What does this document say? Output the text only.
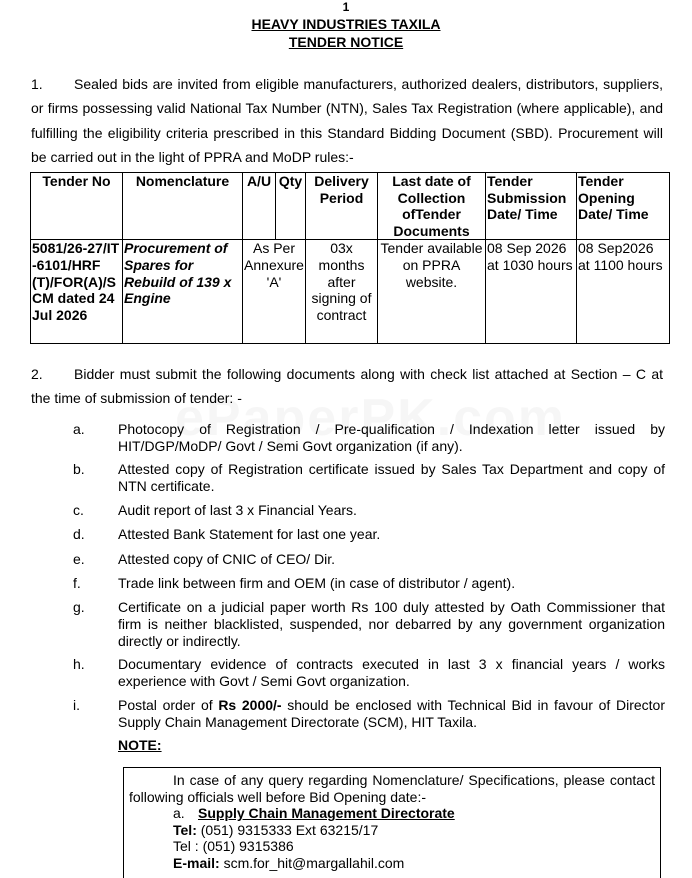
1
HEAVY INDUSTRIES TAXILA
TENDER NOTICE
1. Sealed bids are invited from eligible manufacturers, authorized dealers, distributors, suppliers, or firms possessing valid National Tax Number (NTN), Sales Tax Registration (where applicable), and fulfilling the eligibility criteria prescribed in this Standard Bidding Document (SBD). Procurement will be carried out in the light of PPRA and MoDP rules:-
Tender No	Nomenclature	A/U	Qty	Delivery Period	Last date of Collection ofTender Documents	Tender Submission Date/ Time	Tender Opening Date/ Time
5081/26-27/IT-6101/HRF(T)/FOR(A)/SCM dated 24 Jul 2026	Procurement of Spares for Rebuild of 139 x Engine	As Per Annexure 'A'		03x months after signing of contract	Tender available on PPRA website.	08 Sep 2026 at 1030 hours	08 Sep2026 at 1100 hours
2. Bidder must submit the following documents along with check list attached at Section – C at the time of submission of tender: -
a.	Photocopy of Registration / Pre-qualification / Indexation letter issued by HIT/DGP/MoDP/ Govt / Semi Govt organization (if any).
b.	Attested copy of Registration certificate issued by Sales Tax Department and copy of NTN certificate.
c.	Audit report of last 3 x Financial Years.
d.	Attested Bank Statement for last one year.
e.	Attested copy of CNIC of CEO/ Dir.
f.	Trade link between firm and OEM (in case of distributor / agent).
g.	Certificate on a judicial paper worth Rs 100 duly attested by Oath Commissioner that firm is neither blacklisted, suspended, nor debarred by any government organization directly or indirectly.
h.	Documentary evidence of contracts executed in last 3 x financial years / works experience with Govt / Semi Govt organization.
i.	Postal order of Rs 2000/- should be enclosed with Technical Bid in favour of Director Supply Chain Management Directorate (SCM), HIT Taxila.
NOTE:
In case of any query regarding Nomenclature/ Specifications, please contact following officials well before Bid Opening date:-
a. Supply Chain Management Directorate
Tel: (051) 9315333 Ext 63215/17
Tel : (051) 9315386
E-mail: scm.for_hit@margallahil.com
